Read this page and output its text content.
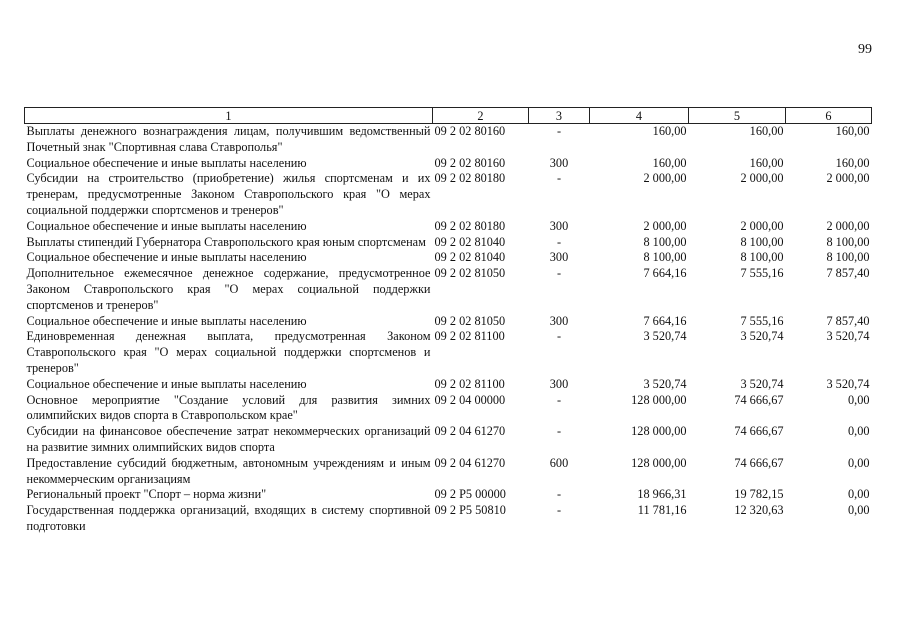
99
1	2	3	4	5	6
Выплаты денежного вознаграждения лицам, получившим ведомственный Почетный знак "Спортивная слава Ставрополья"	09 2 02 80160	-	160,00	160,00	160,00
Социальное обеспечение и иные выплаты населению	09 2 02 80160	300	160,00	160,00	160,00
Субсидии на строительство (приобретение) жилья спортсменам и их тренерам, предусмотренные Законом Ставропольского края "О мерах социальной поддержки спортсменов и тренеров"	09 2 02 80180	-	2 000,00	2 000,00	2 000,00
Социальное обеспечение и иные выплаты населению	09 2 02 80180	300	2 000,00	2 000,00	2 000,00
Выплаты стипендий Губернатора Ставропольского края юным спортсменам	09 2 02 81040	-	8 100,00	8 100,00	8 100,00
Социальное обеспечение и иные выплаты населению	09 2 02 81040	300	8 100,00	8 100,00	8 100,00
Дополнительное ежемесячное денежное содержание, предусмотренное Законом Ставропольского края "О мерах социальной поддержки спортсменов и тренеров"	09 2 02 81050	-	7 664,16	7 555,16	7 857,40
Социальное обеспечение и иные выплаты населению	09 2 02 81050	300	7 664,16	7 555,16	7 857,40
Единовременная денежная выплата, предусмотренная Законом Ставропольского края "О мерах социальной поддержки спортсменов и тренеров"	09 2 02 81100	-	3 520,74	3 520,74	3 520,74
Социальное обеспечение и иные выплаты населению	09 2 02 81100	300	3 520,74	3 520,74	3 520,74
Основное мероприятие "Создание условий для развития зимних олимпийских видов спорта в Ставропольском крае"	09 2 04 00000	-	128 000,00	74 666,67	0,00
Субсидии на финансовое обеспечение затрат некоммерческих организаций на развитие зимних олимпийских видов спорта	09 2 04 61270	-	128 000,00	74 666,67	0,00
Предоставление субсидий бюджетным, автономным учреждениям и иным некоммерческим организациям	09 2 04 61270	600	128 000,00	74 666,67	0,00
Региональный проект "Спорт – норма жизни"	09 2 P5 00000	-	18 966,31	19 782,15	0,00
Государственная поддержка организаций, входящих в систему спортивной подготовки	09 2 P5 50810	-	11 781,16	12 320,63	0,00
